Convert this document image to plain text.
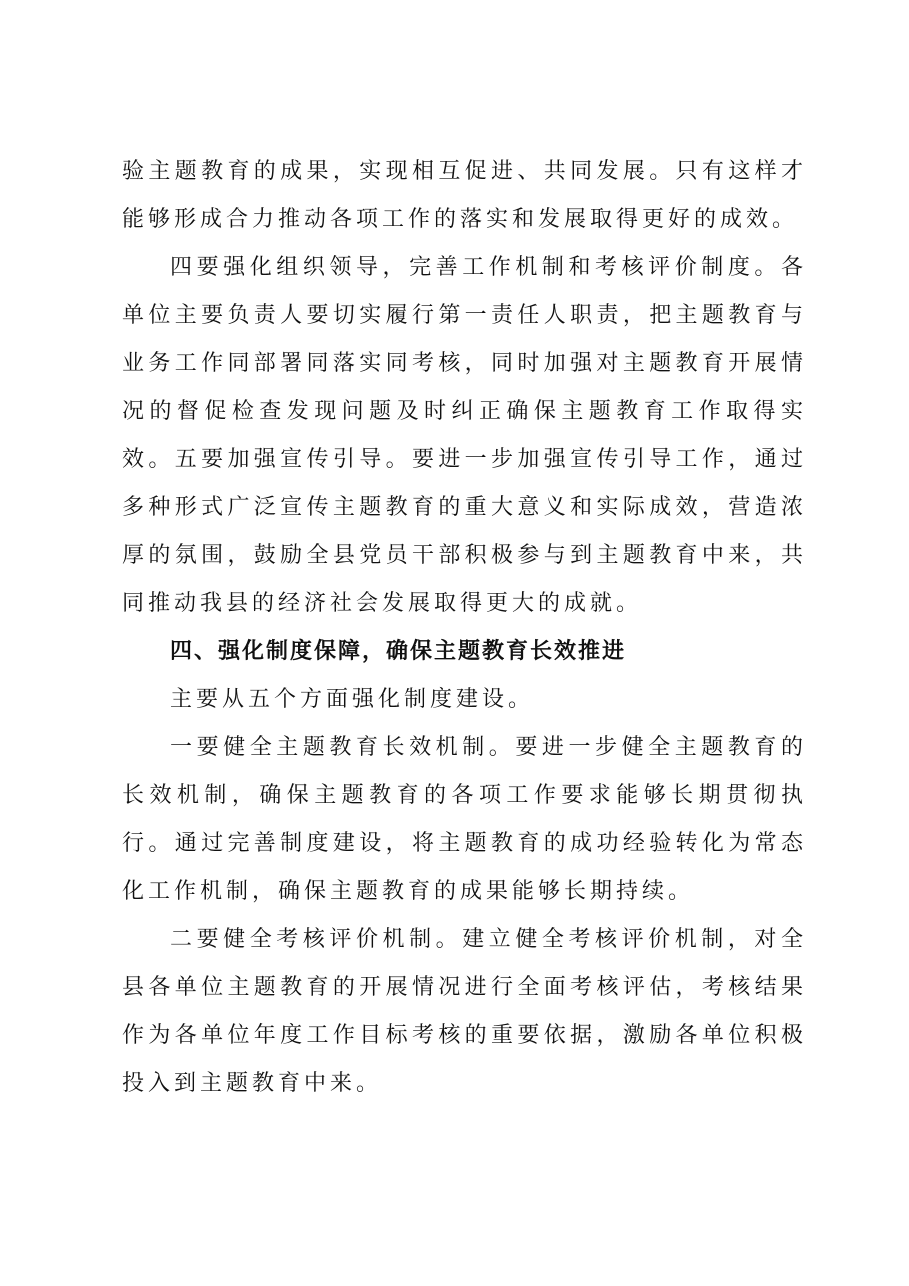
验主题教育的成果，实现相互促进、共同发展。只有这样才能够形成合力推动各项工作的落实和发展取得更好的成效。

四要强化组织领导，完善工作机制和考核评价制度。各单位主要负责人要切实履行第一责任人职责，把主题教育与业务工作同部署同落实同考核，同时加强对主题教育开展情况的督促检查发现问题及时纠正确保主题教育工作取得实效。五要加强宣传引导。要进一步加强宣传引导工作，通过多种形式广泛宣传主题教育的重大意义和实际成效，营造浓厚的氛围，鼓励全县党员干部积极参与到主题教育中来，共同推动我县的经济社会发展取得更大的成就。

四、强化制度保障，确保主题教育长效推进

主要从五个方面强化制度建设。

一要健全主题教育长效机制。要进一步健全主题教育的长效机制，确保主题教育的各项工作要求能够长期贯彻执行。通过完善制度建设，将主题教育的成功经验转化为常态化工作机制，确保主题教育的成果能够长期持续。

二要健全考核评价机制。建立健全考核评价机制，对全县各单位主题教育的开展情况进行全面考核评估，考核结果作为各单位年度工作目标考核的重要依据，激励各单位积极投入到主题教育中来。
